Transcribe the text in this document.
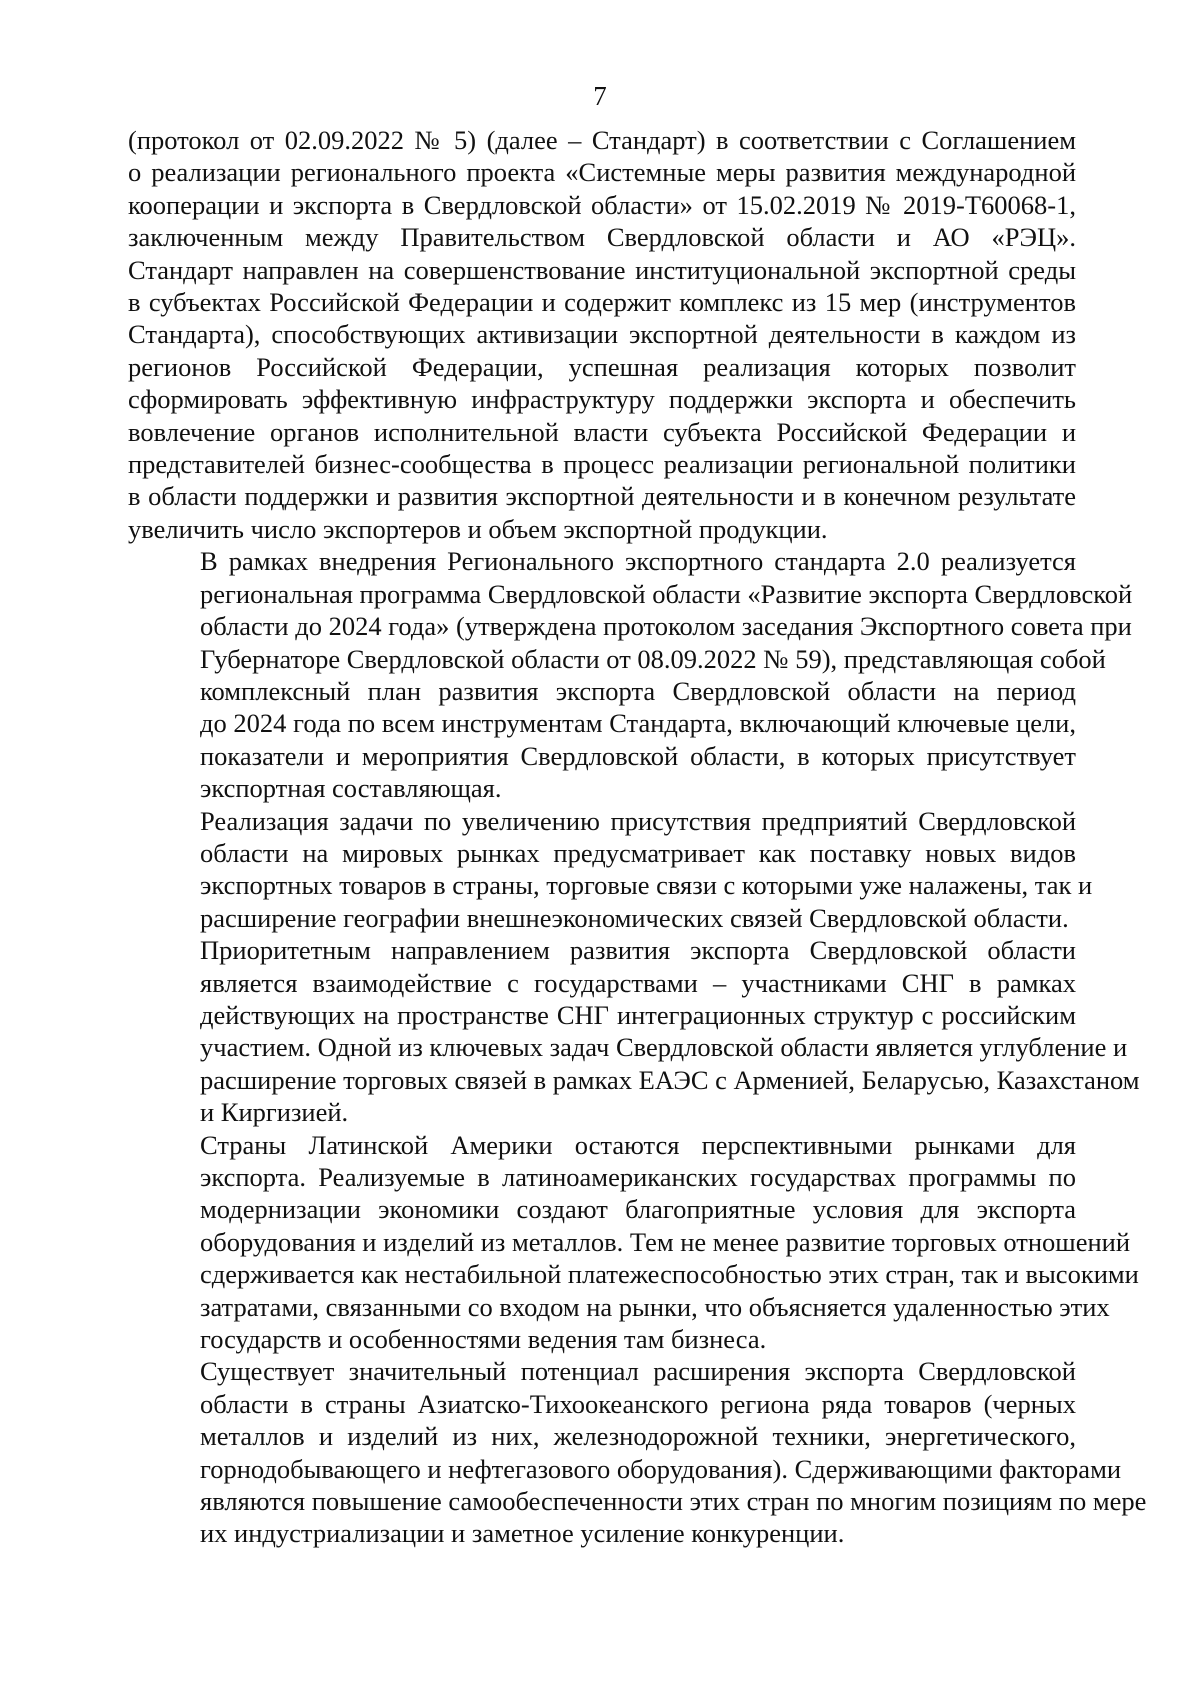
7
(протокол от 02.09.2022 № 5) (далее – Стандарт) в соответствии с Соглашением
о реализации регионального проекта «Системные меры развития международной
кооперации и экспорта в Свердловской области» от 15.02.2019 № 2019-Т60068-1,
заключенным между Правительством Свердловской области и АО «РЭЦ».
Стандарт направлен на совершенствование институциональной экспортной среды
в субъектах Российской Федерации и содержит комплекс из 15 мер (инструментов
Стандарта), способствующих активизации экспортной деятельности в каждом из
регионов Российской Федерации, успешная реализация которых позволит
сформировать эффективную инфраструктуру поддержки экспорта и обеспечить
вовлечение органов исполнительной власти субъекта Российской Федерации и
представителей бизнес-сообщества в процесс реализации региональной политики
в области поддержки и развития экспортной деятельности и в конечном результате
увеличить число экспортеров и объем экспортной продукции.
В рамках внедрения Регионального экспортного стандарта 2.0 реализуется
региональная программа Свердловской области «Развитие экспорта Свердловской
области до 2024 года» (утверждена протоколом заседания Экспортного совета при
Губернаторе Свердловской области от 08.09.2022 № 59), представляющая собой
комплексный план развития экспорта Свердловской области на период
до 2024 года по всем инструментам Стандарта, включающий ключевые цели,
показатели и мероприятия Свердловской области, в которых присутствует
экспортная составляющая.
Реализация задачи по увеличению присутствия предприятий Свердловской
области на мировых рынках предусматривает как поставку новых видов
экспортных товаров в страны, торговые связи с которыми уже налажены, так и
расширение географии внешнеэкономических связей Свердловской области.
Приоритетным направлением развития экспорта Свердловской области
является взаимодействие с государствами – участниками СНГ в рамках
действующих на пространстве СНГ интеграционных структур с российским
участием. Одной из ключевых задач Свердловской области является углубление и
расширение торговых связей в рамках ЕАЭС с Арменией, Беларусью, Казахстаном
и Киргизией.
Страны Латинской Америки остаются перспективными рынками для
экспорта. Реализуемые в латиноамериканских государствах программы по
модернизации экономики создают благоприятные условия для экспорта
оборудования и изделий из металлов. Тем не менее развитие торговых отношений
сдерживается как нестабильной платежеспособностью этих стран, так и высокими
затратами, связанными со входом на рынки, что объясняется удаленностью этих
государств и особенностями ведения там бизнеса.
Существует значительный потенциал расширения экспорта Свердловской
области в страны Азиатско-Тихоокеанского региона ряда товаров (черных
металлов и изделий из них, железнодорожной техники, энергетического,
горнодобывающего и нефтегазового оборудования). Сдерживающими факторами
являются повышение самообеспеченности этих стран по многим позициям по мере
их индустриализации и заметное усиление конкуренции.
